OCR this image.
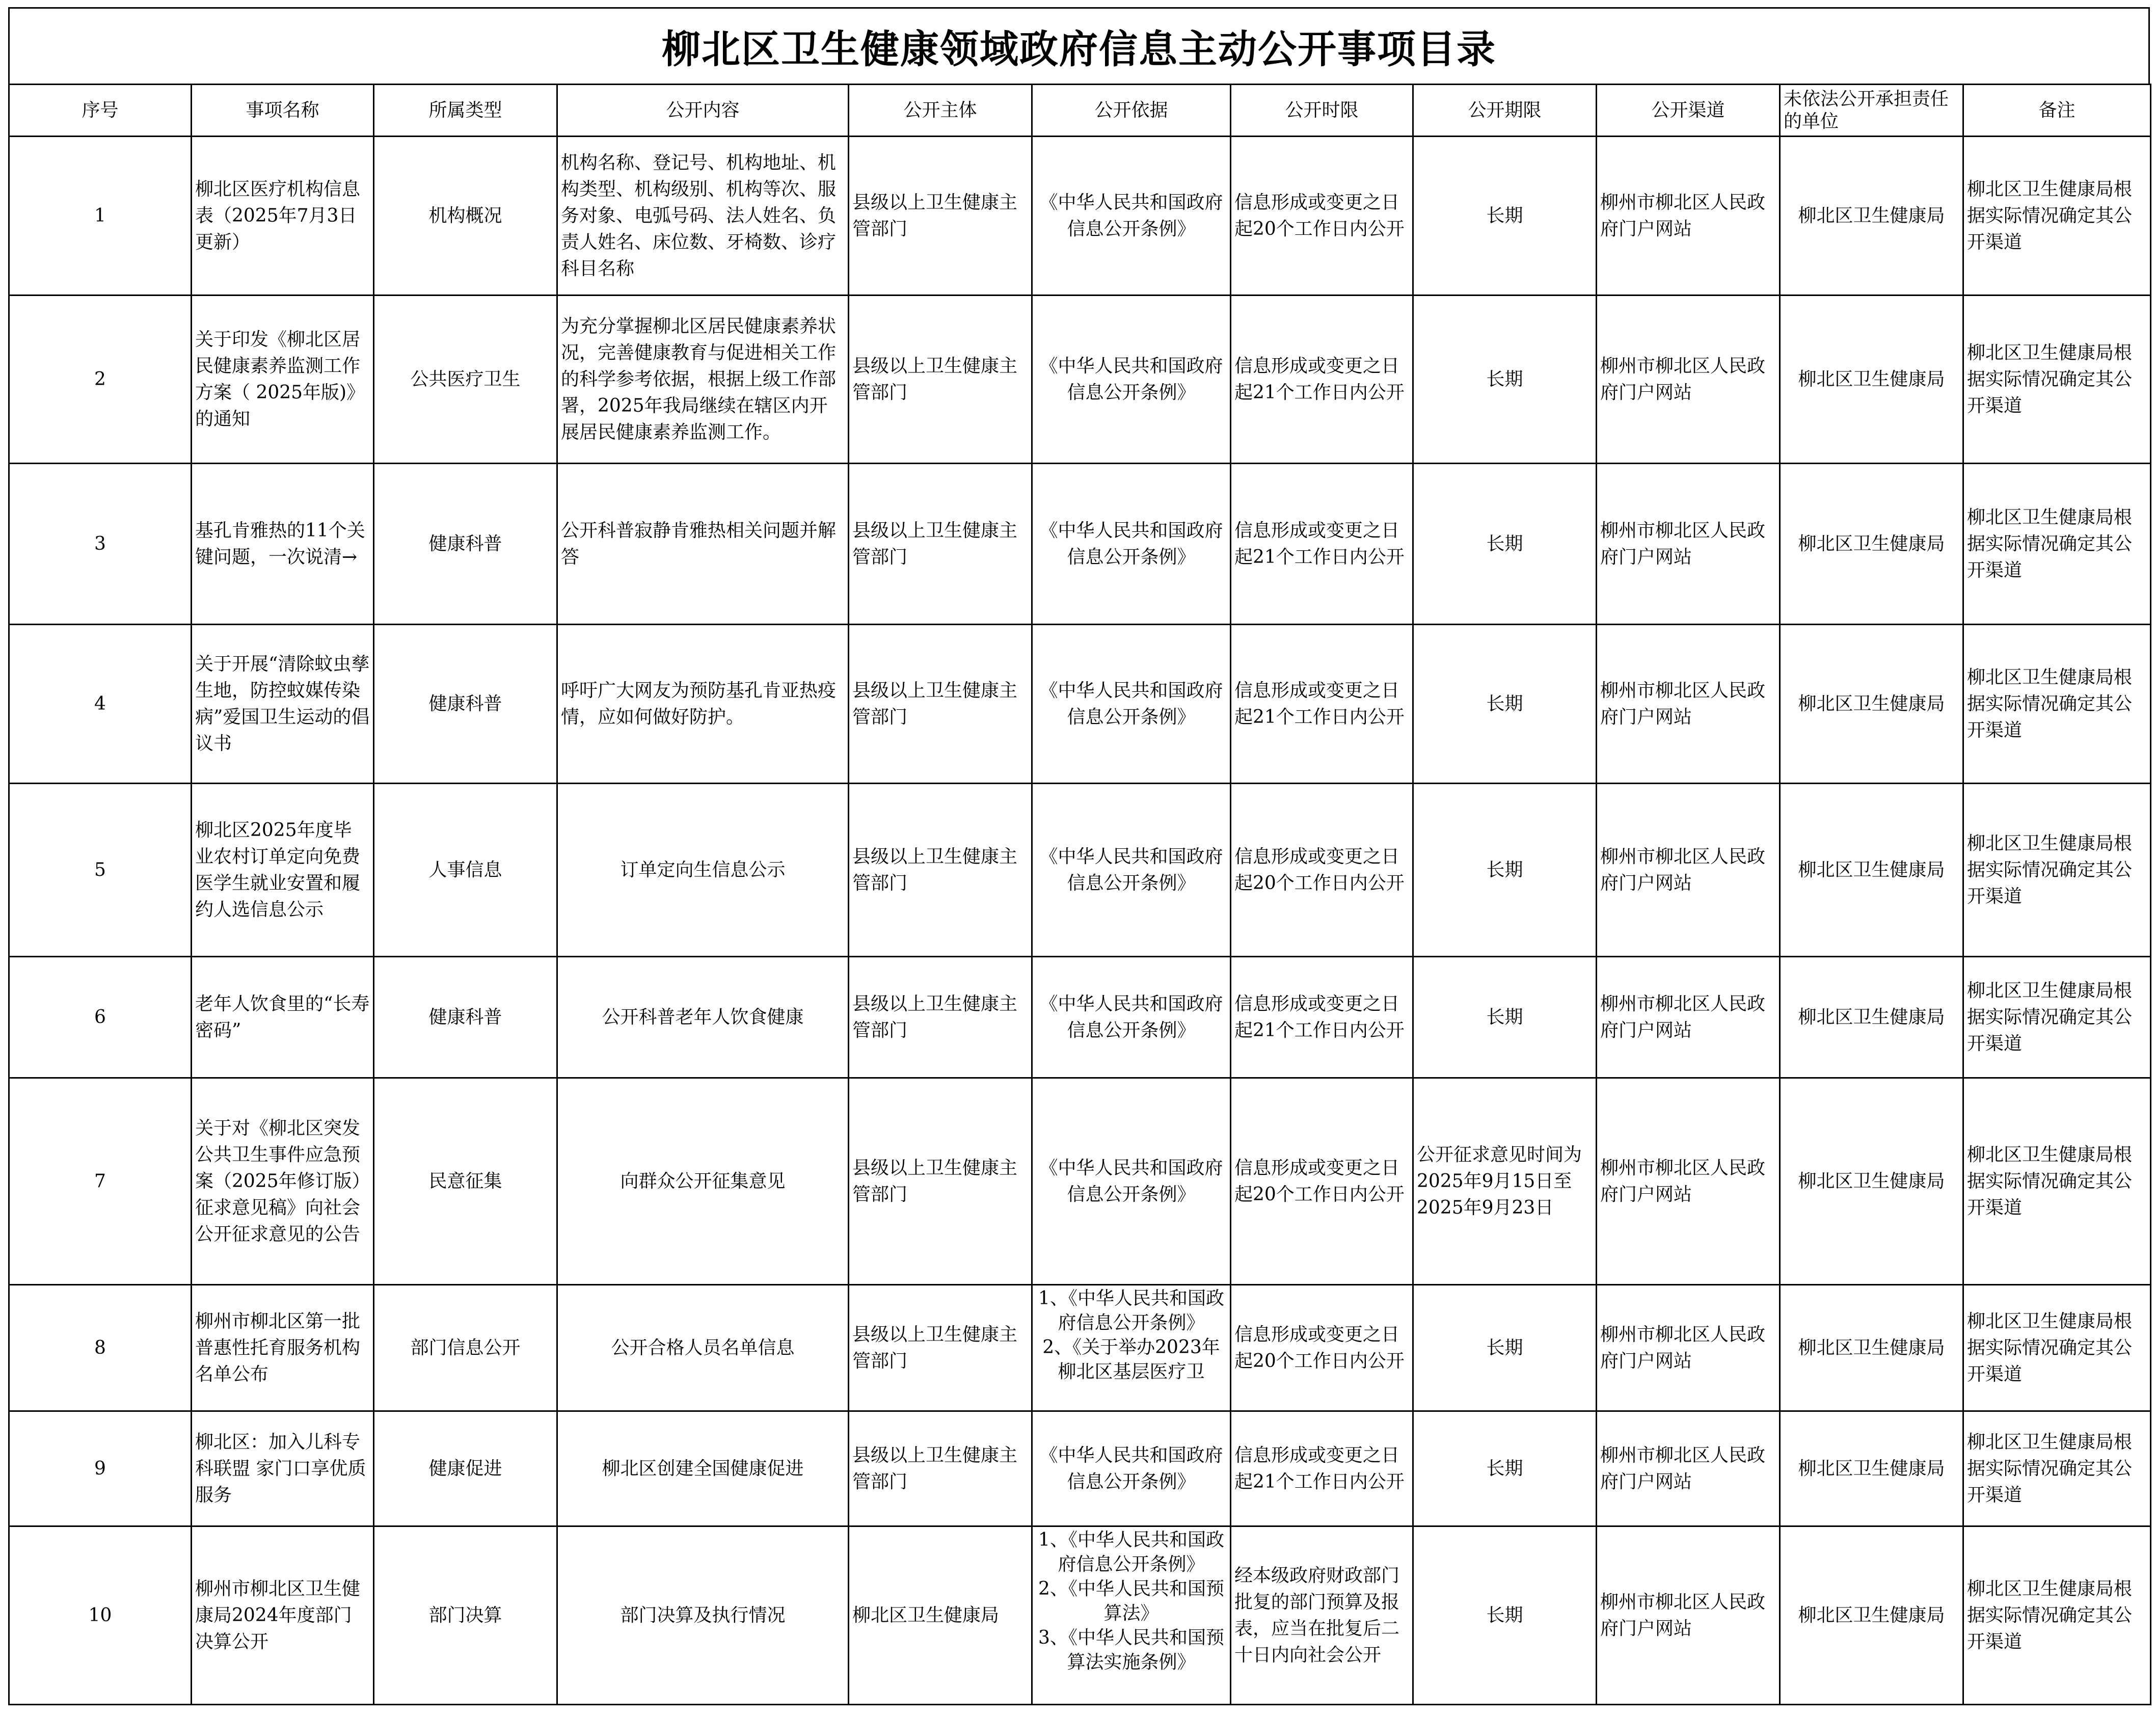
柳北区卫生健康领域政府信息主动公开事项目录
序号	事项名称	所属类型	公开内容	公开主体	公开依据	公开时限	公开期限	公开渠道	未依法公开承担责任的单位	备注

1	柳北区医疗机构信息表（2025年7月3日更新）	机构概况	机构名称、登记号、机构地址、机构类型、机构级别、机构等次、服务对象、电弧号码、法人姓名、负责人姓名、床位数、牙椅数、诊疗科目名称	县级以上卫生健康主管部门	《中华人民共和国政府信息公开条例》	信息形成或变更之日起20个工作日内公开	长期	柳州市柳北区人民政府门户网站	柳北区卫生健康局	柳北区卫生健康局根据实际情况确定其公开渠道

2	关于印发《柳北区居民健康素养监测工作方案（ 2025年版)》的通知	公共医疗卫生	为充分掌握柳北区居民健康素养状况，完善健康教育与促进相关工作的科学参考依据，根据上级工作部署，2025年我局继续在辖区内开展居民健康素养监测工作。	县级以上卫生健康主管部门	《中华人民共和国政府信息公开条例》	信息形成或变更之日起21个工作日内公开	长期	柳州市柳北区人民政府门户网站	柳北区卫生健康局	柳北区卫生健康局根据实际情况确定其公开渠道

3	基孔肯雅热的11个关键问题，一次说清→	健康科普	公开科普寂静肯雅热相关问题并解答	县级以上卫生健康主管部门	《中华人民共和国政府信息公开条例》	信息形成或变更之日起21个工作日内公开	长期	柳州市柳北区人民政府门户网站	柳北区卫生健康局	柳北区卫生健康局根据实际情况确定其公开渠道

4	关于开展“清除蚊虫孳生地，防控蚊媒传染病”爱国卫生运动的倡议书	健康科普	呼吁广大网友为预防基孔肯亚热疫情，应如何做好防护。	县级以上卫生健康主管部门	《中华人民共和国政府信息公开条例》	信息形成或变更之日起21个工作日内公开	长期	柳州市柳北区人民政府门户网站	柳北区卫生健康局	柳北区卫生健康局根据实际情况确定其公开渠道

5	柳北区2025年度毕业农村订单定向免费医学生就业安置和履约人选信息公示	人事信息	订单定向生信息公示	县级以上卫生健康主管部门	《中华人民共和国政府信息公开条例》	信息形成或变更之日起20个工作日内公开	长期	柳州市柳北区人民政府门户网站	柳北区卫生健康局	柳北区卫生健康局根据实际情况确定其公开渠道

6	老年人饮食里的“长寿密码”	健康科普	公开科普老年人饮食健康	县级以上卫生健康主管部门	《中华人民共和国政府信息公开条例》	信息形成或变更之日起21个工作日内公开	长期	柳州市柳北区人民政府门户网站	柳北区卫生健康局	柳北区卫生健康局根据实际情况确定其公开渠道

7	关于对《柳北区突发公共卫生事件应急预案（2025年修订版）征求意见稿》向社会公开征求意见的公告	民意征集	向群众公开征集意见	县级以上卫生健康主管部门	《中华人民共和国政府信息公开条例》	信息形成或变更之日起20个工作日内公开	公开征求意见时间为2025年9月15日至2025年9月23日	柳州市柳北区人民政府门户网站	柳北区卫生健康局	柳北区卫生健康局根据实际情况确定其公开渠道

8	柳州市柳北区第一批普惠性托育服务机构名单公布	部门信息公开	公开合格人员名单信息	县级以上卫生健康主管部门	1、《中华人民共和国政府信息公开条例》
2、《关于举办2023年柳北区基层医疗卫	信息形成或变更之日起20个工作日内公开	长期	柳州市柳北区人民政府门户网站	柳北区卫生健康局	柳北区卫生健康局根据实际情况确定其公开渠道

9	柳北区：加入儿科专科联盟 家门口享优质服务	健康促进	柳北区创建全国健康促进	县级以上卫生健康主管部门	《中华人民共和国政府信息公开条例》	信息形成或变更之日起21个工作日内公开	长期	柳州市柳北区人民政府门户网站	柳北区卫生健康局	柳北区卫生健康局根据实际情况确定其公开渠道

10	柳州市柳北区卫生健康局2024年度部门决算公开	部门决算	部门决算及执行情况	柳北区卫生健康局	1、《中华人民共和国政府信息公开条例》
2、《中华人民共和国预算法》
3、《中华人民共和国预算法实施条例》	经本级政府财政部门批复的部门预算及报表，应当在批复后二十日内向社会公开	长期	柳州市柳北区人民政府门户网站	柳北区卫生健康局	柳北区卫生健康局根据实际情况确定其公开渠道
